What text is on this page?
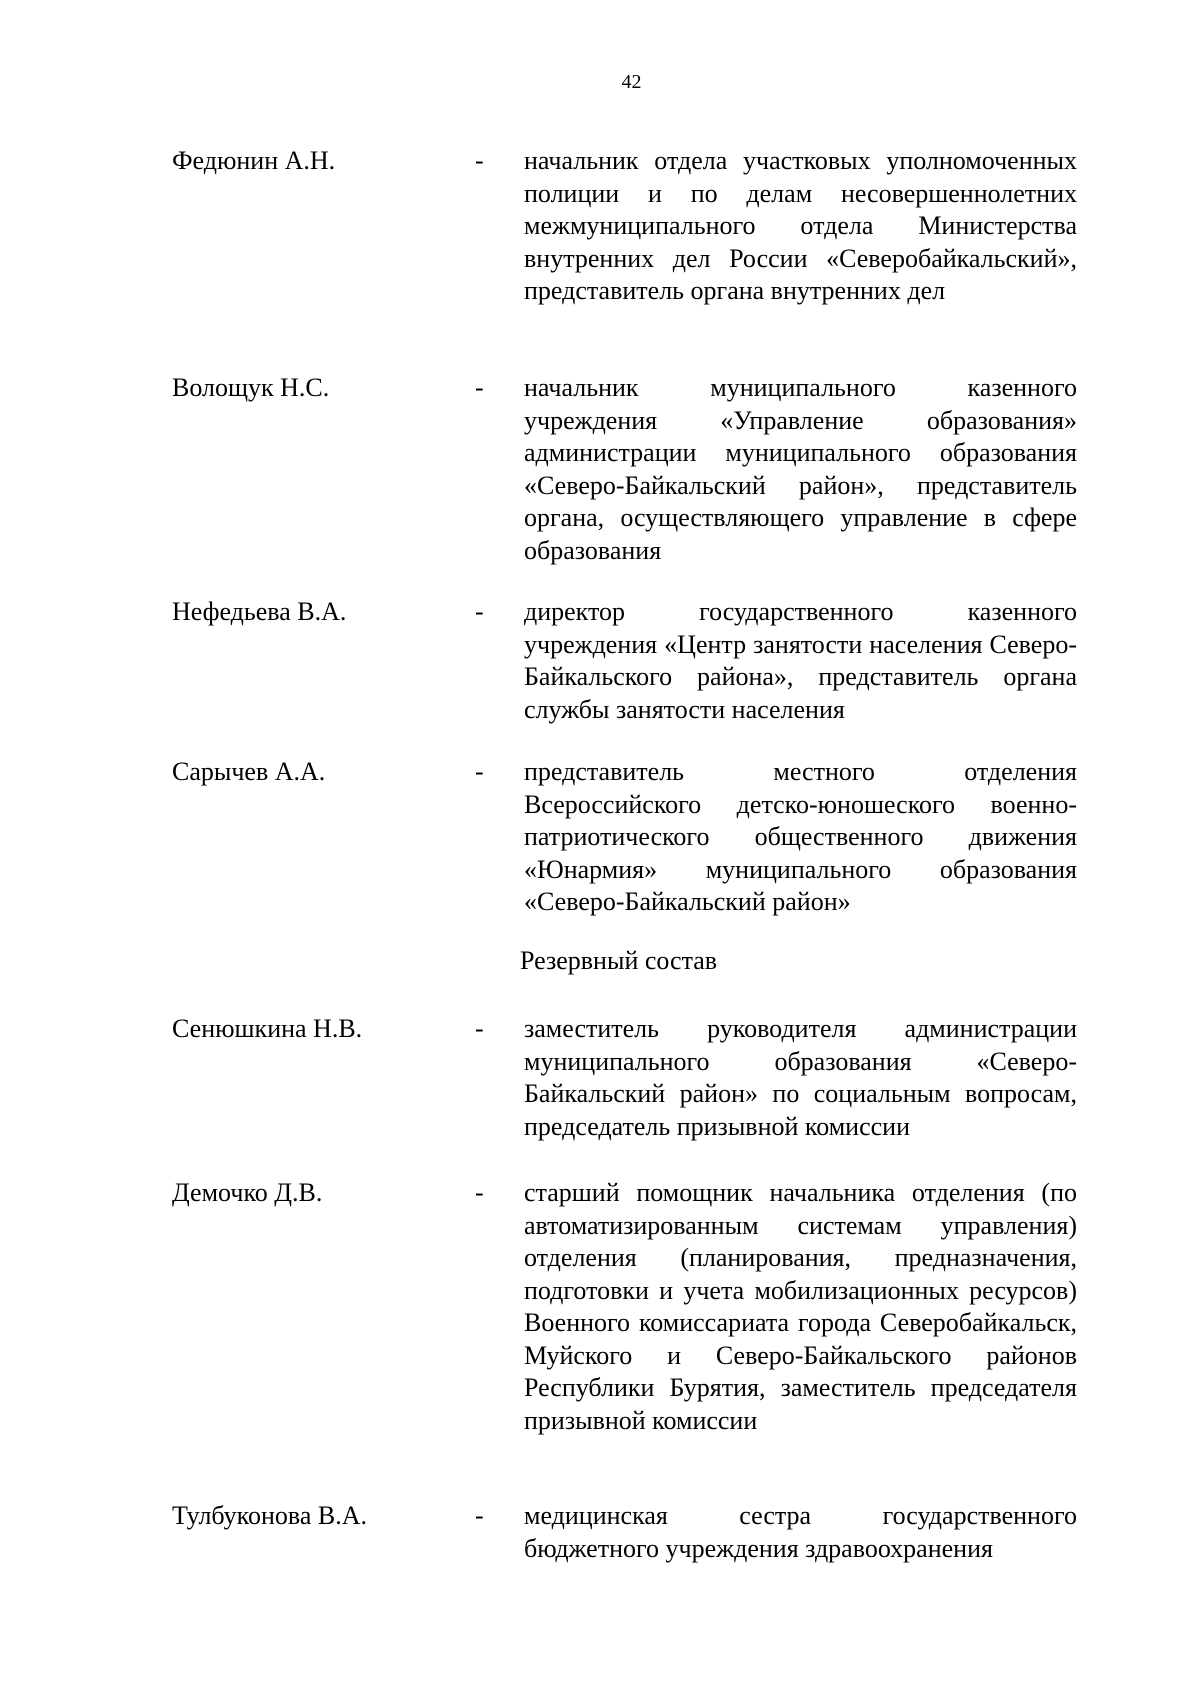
42
Федюнин А.Н.	- начальник отдела участковых уполномоченных полиции и по делам несовершеннолетних межмуниципального отдела Министерства внутренних дел России «Северобайкальский», представитель органа внутренних дел

Волощук Н.С.	- начальник муниципального казенного учреждения «Управление образования» администрации муниципального образования «Северо-Байкальский район», представитель органа, осуществляющего управление в сфере образования

Нефедьева В.А.	- директор государственного казенного учреждения «Центр занятости населения Северо-Байкальского района», представитель органа службы занятости населения

Сарычев А.А.	- представитель местного отделения Всероссийского детско-юношеского военно-патриотического общественного движения «Юнармия» муниципального образования «Северо-Байкальский район»

Резервный состав
Сенюшкина Н.В.	- заместитель руководителя администрации муниципального образования «Северо-Байкальский район» по социальным вопросам, председатель призывной комиссии

Демочко Д.В.	- старший помощник начальника отделения (по автоматизированным системам управления) отделения (планирования, предназначения, подготовки и учета мобилизационных ресурсов) Военного комиссариата города Северобайкальск, Муйского и Северо-Байкальского районов Республики Бурятия, заместитель председателя призывной комиссии

Тулбуконова В.А.	- медицинская сестра государственного бюджетного учреждения здравоохранения
